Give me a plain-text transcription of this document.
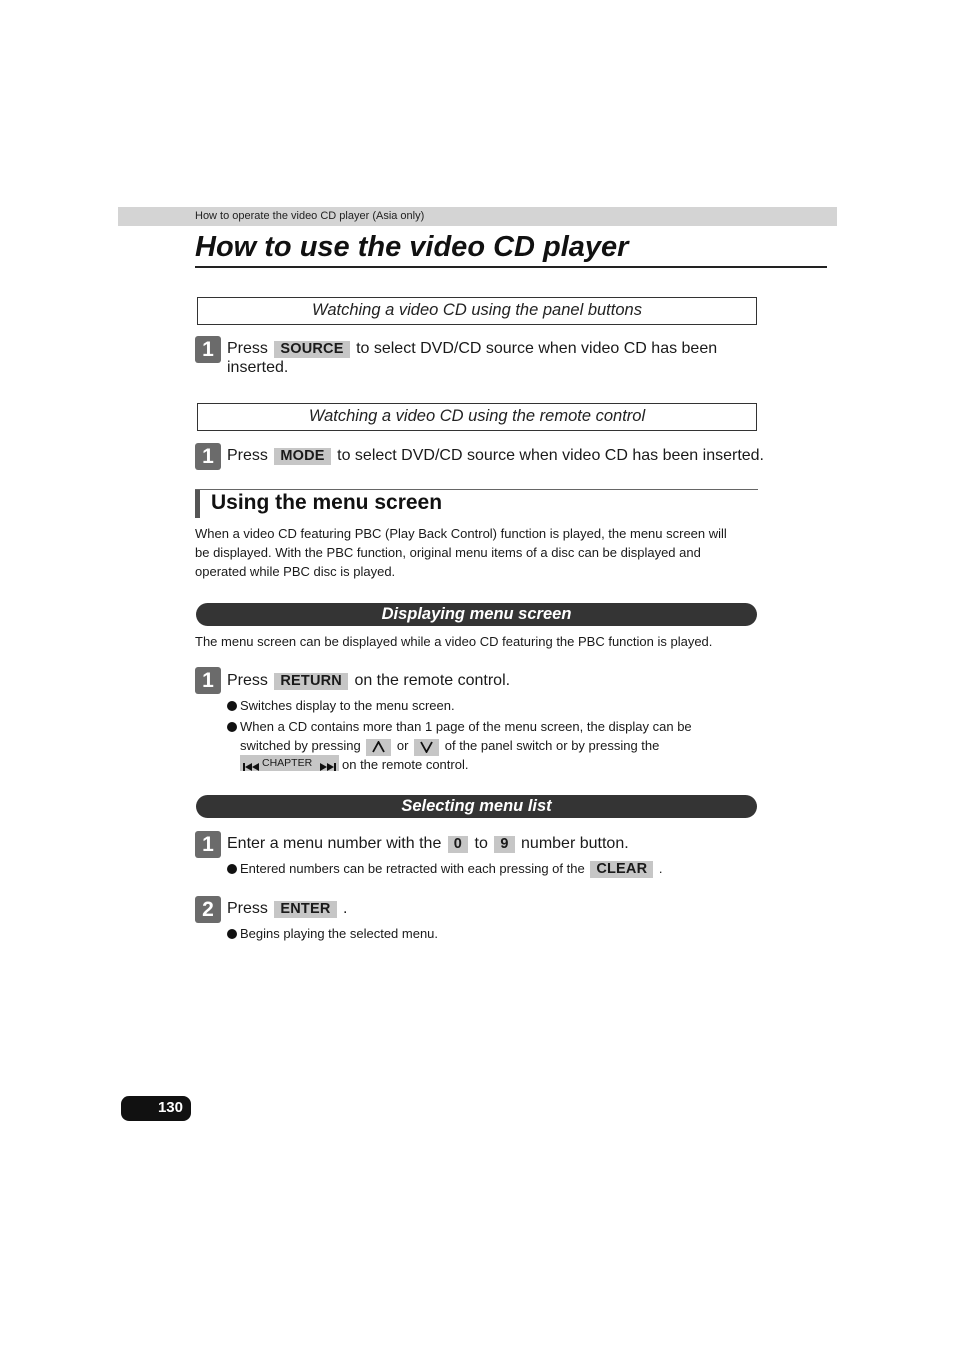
How to operate the video CD player (Asia only)
How to use the video CD player
Watching a video CD using the panel buttons
1 Press SOURCE to select DVD/CD source when video CD has been
inserted.
Watching a video CD using the remote control
1 Press MODE to select DVD/CD source when video CD has been inserted.
Using the menu screen
When a video CD featuring PBC (Play Back Control) function is played, the menu screen will
be displayed. With the PBC function, original menu items of a disc can be displayed and
operated while PBC disc is played.
Displaying menu screen
The menu screen can be displayed while a video CD featuring the PBC function is played.
1 Press RETURN on the remote control.
Switches display to the menu screen.
When a CD contains more than 1 page of the menu screen, the display can be
switched by pressing	or	of the panel switch or by pressing the
CHAPTER on the remote control.
Selecting menu list
1 Enter a menu number with the 0 to 9 number button.
Entered numbers can be retracted with each pressing of the CLEAR .
2 Press ENTER .
Begins playing the selected menu.
130
